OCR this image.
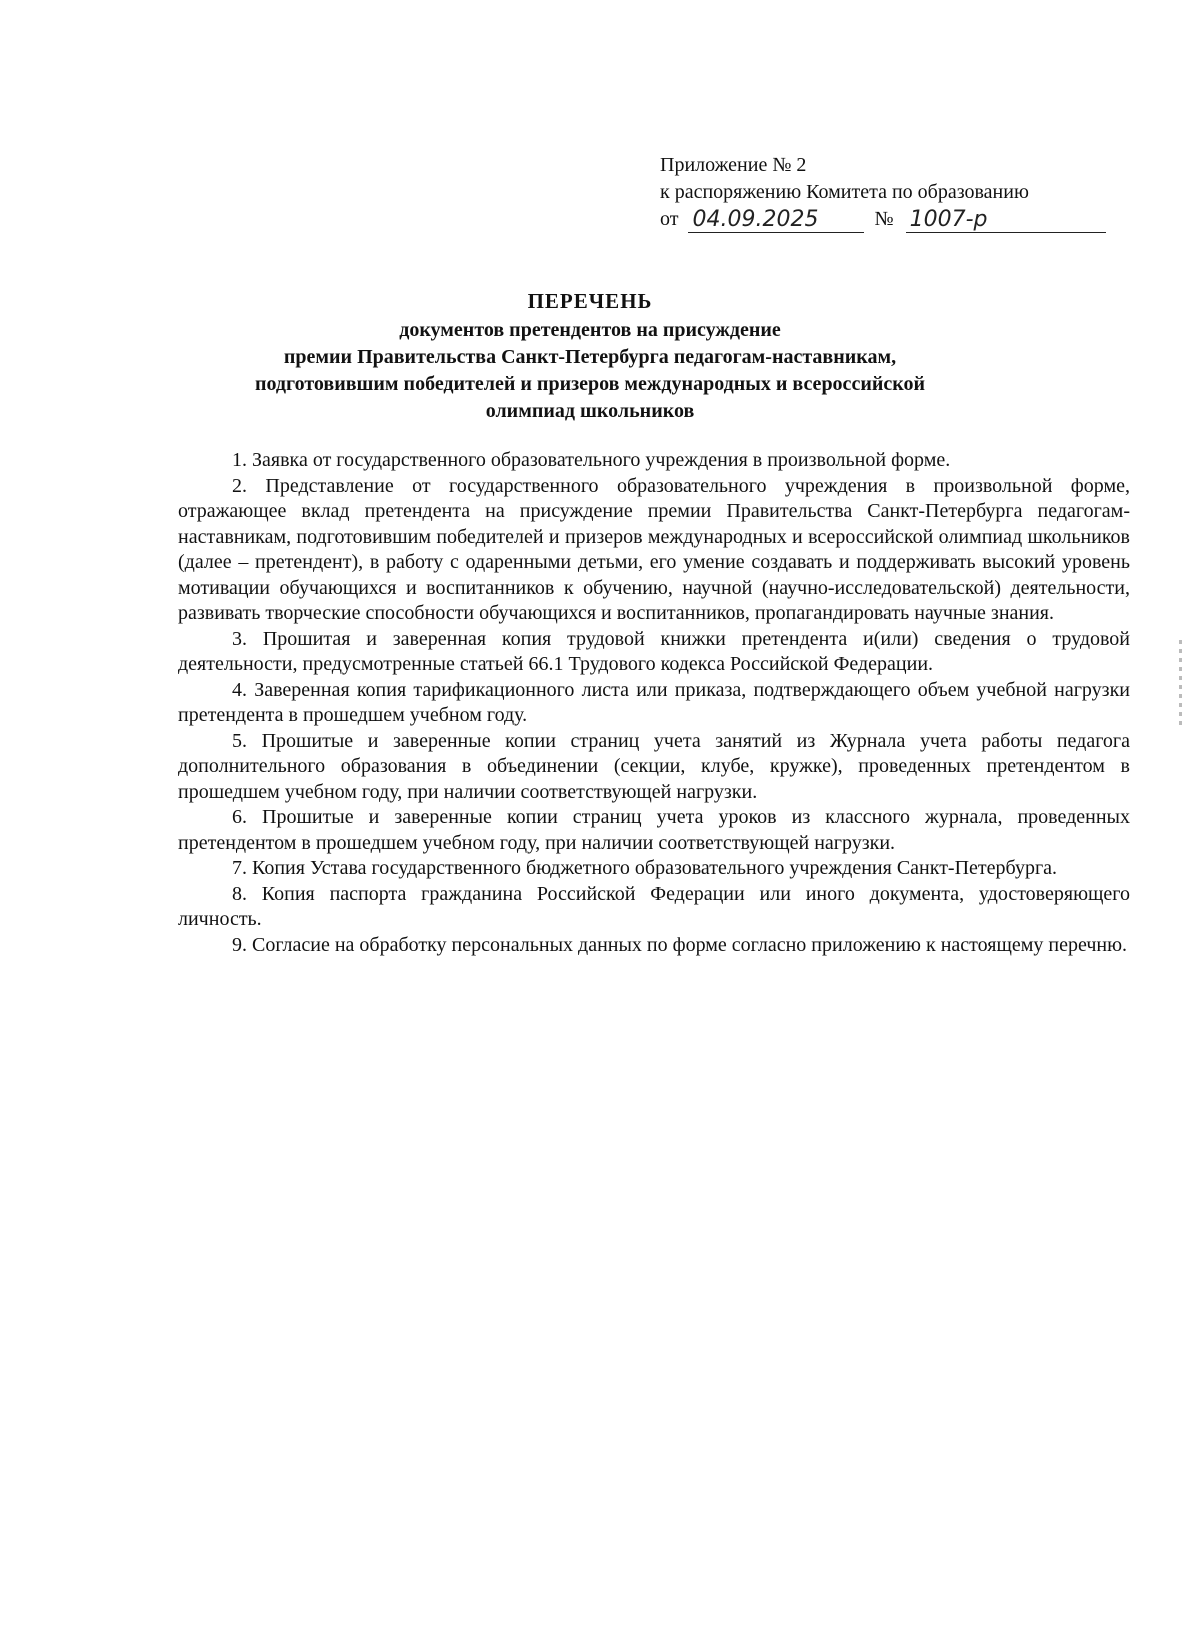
Приложение № 2
к распоряжению Комитета по образованию
от 04.09.2025	№ 1007-р
ПЕРЕЧЕНЬ
документов претендентов на присуждение
премии Правительства Санкт-Петербурга педагогам-наставникам,
подготовившим победителей и призеров международных и всероссийской
олимпиад школьников

1. Заявка от государственного образовательного учреждения в произвольной форме.

2. Представление от государственного образовательного учреждения в произвольной форме, отражающее вклад претендента на присуждение премии Правительства Санкт-Петербурга педагогам-наставникам, подготовившим победителей и призеров международных и всероссийской олимпиад школьников (далее – претендент), в работу с одаренными детьми, его умение создавать и поддерживать высокий уровень мотивации обучающихся и воспитанников к обучению, научной (научно-исследовательской) деятельности, развивать творческие способности обучающихся и воспитанников, пропагандировать научные знания.

3. Прошитая и заверенная копия трудовой книжки претендента и(или) сведения о трудовой деятельности, предусмотренные статьей 66.1 Трудового кодекса Российской Федерации.

4. Заверенная копия тарификационного листа или приказа, подтверждающего объем учебной нагрузки претендента в прошедшем учебном году.

5. Прошитые и заверенные копии страниц учета занятий из Журнала учета работы педагога дополнительного образования в объединении (секции, клубе, кружке), проведенных претендентом в прошедшем учебном году, при наличии соответствующей нагрузки.

6. Прошитые и заверенные копии страниц учета уроков из классного журнала, проведенных претендентом в прошедшем учебном году, при наличии соответствующей нагрузки.

7. Копия Устава государственного бюджетного образовательного учреждения Санкт-Петербурга.

8. Копия паспорта гражданина Российской Федерации или иного документа, удостоверяющего личность.

9. Согласие на обработку персональных данных по форме согласно приложению к настоящему перечню.
